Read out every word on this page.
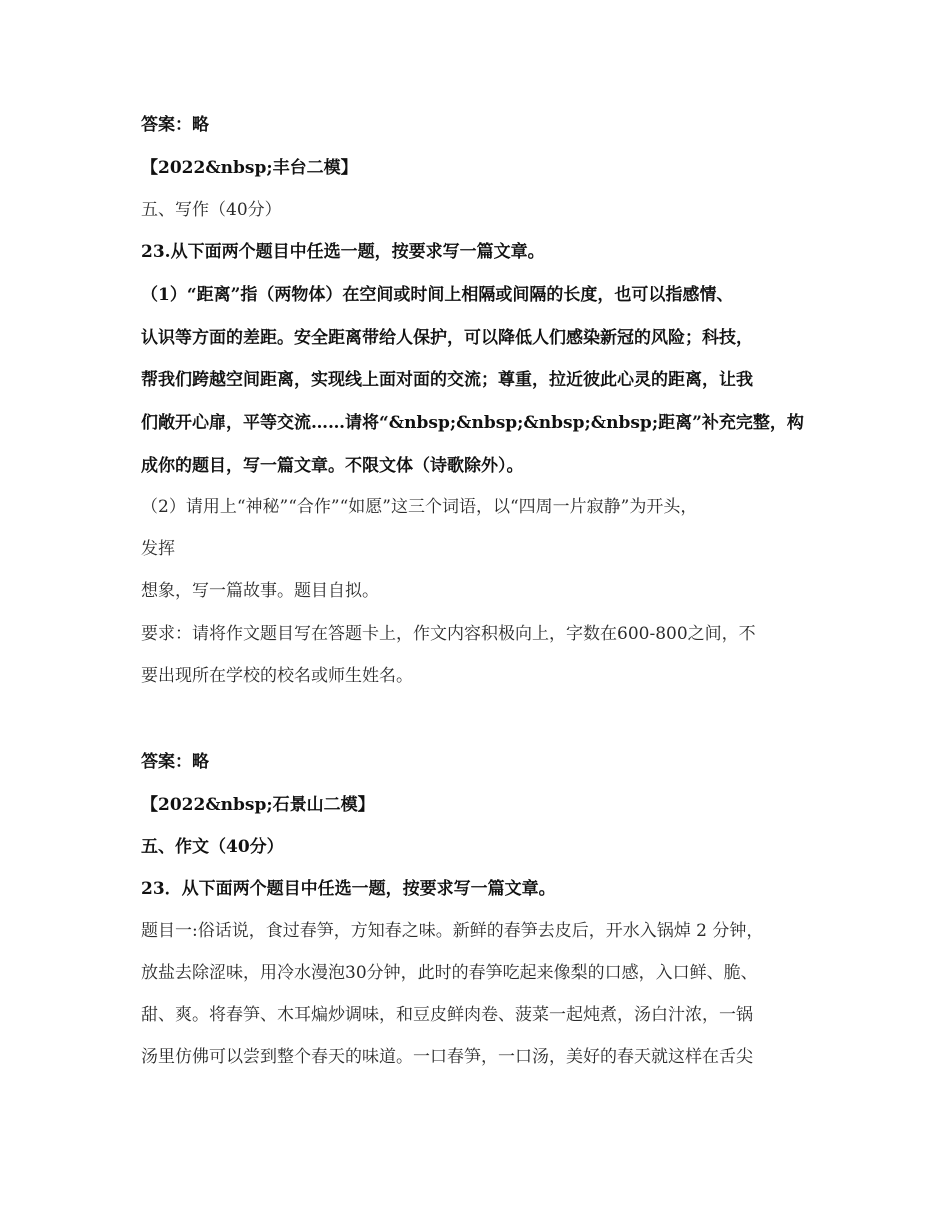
答案：略
【2022&nbsp;丰台二模】
五、写作（40分）
23.从下面两个题目中任选一题，按要求写一篇文章。
（1）“距离”指（两物体）在空间或时间上相隔或间隔的长度，也可以指感情、
认识等方面的差距。安全距离带给人保护，可以降低人们感染新冠的风险；科技，
帮我们跨越空间距离，实现线上面对面的交流；尊重，拉近彼此心灵的距离，让我
们敞开心扉，平等交流……请将“&nbsp;&nbsp;&nbsp;&nbsp;距离”补充完整，构
成你的题目，写一篇文章。不限文体（诗歌除外）。
（2）请用上“神秘”“合作”“如愿”这三个词语，以“四周一片寂静”为开头，
发挥
想象，写一篇故事。题目自拟。
要求：请将作文题目写在答题卡上，作文内容积极向上，字数在600-800之间，不
要出现所在学校的校名或师生姓名。
答案：略
【2022&nbsp;石景山二模】
五、作文（40分）
23．从下面两个题目中任选一题，按要求写一篇文章。
题目一:俗话说，食过春笋，方知春之味。新鲜的春笋去皮后，开水入锅焯 2 分钟，
放盐去除涩味，用冷水漫泡30分钟，此时的春笋吃起来像梨的口感，入口鲜、脆、
甜、爽。将春笋、木耳煸炒调味，和豆皮鲜肉卷、菠菜一起炖煮，汤白汁浓，一锅
汤里仿佛可以尝到整个春天的味道。一口春笋，一口汤，美好的春天就这样在舌尖
